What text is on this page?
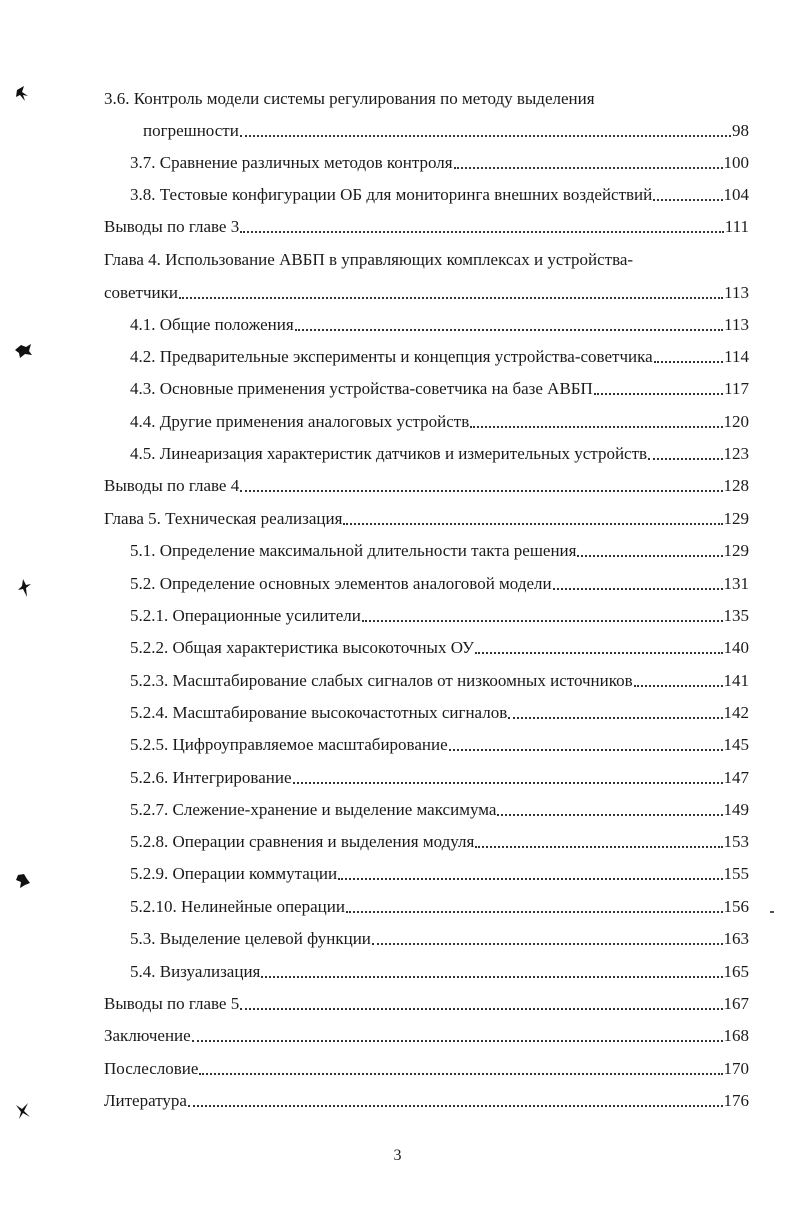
3.6. Контроль модели системы регулирования по методу выделения
погрешности	98
3.7. Сравнение различных методов контроля	100
3.8. Тестовые конфигурации ОБ для мониторинга внешних воздействий	104
Выводы по главе 3	111
Глава 4. Использование АВБП в управляющих комплексах и устройства-
советчики	113
4.1. Общие положения	113
4.2. Предварительные эксперименты и концепция устройства-советчика	114
4.3. Основные применения устройства-советчика на базе АВБП	117
4.4. Другие применения аналоговых устройств	120
4.5. Линеаризация характеристик датчиков и измерительных устройств	123
Выводы по главе 4	128
Глава 5. Техническая реализация	129
5.1. Определение максимальной длительности такта решения	129
5.2. Определение основных элементов аналоговой модели	131
5.2.1. Операционные усилители	135
5.2.2. Общая характеристика высокоточных ОУ	140
5.2.3. Масштабирование слабых сигналов от низкоомных источников	141
5.2.4. Масштабирование высокочастотных сигналов	142
5.2.5. Цифроуправляемое масштабирование	145
5.2.6. Интегрирование	147
5.2.7. Слежение-хранение и выделение максимума	149
5.2.8. Операции сравнения и выделения модуля	153
5.2.9. Операции коммутации	155
5.2.10. Нелинейные операции	156
5.3. Выделение целевой функции	163
5.4. Визуализация	165
Выводы по главе 5	167
Заключение	168
Послесловие	170
Литература	176
3
